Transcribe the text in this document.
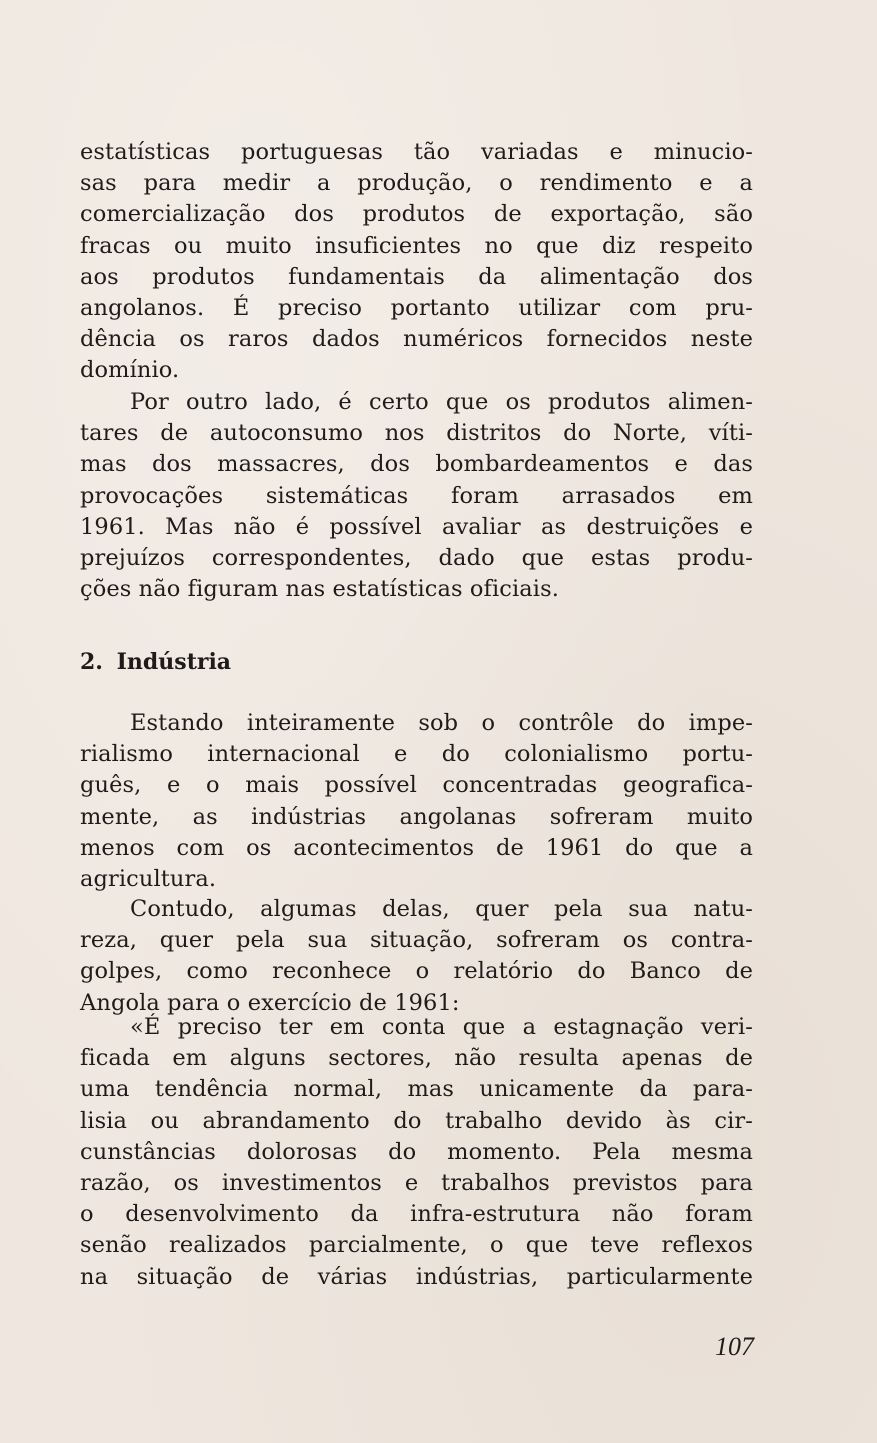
estatísticas portuguesas tão variadas e minucio-
sas para medir a produção, o rendimento e a
comercialização dos produtos de exportação, são
fracas ou muito insuficientes no que diz respeito
aos produtos fundamentais da alimentação dos
angolanos. É preciso portanto utilizar com pru-
dência os raros dados numéricos fornecidos neste
domínio.
Por outro lado, é certo que os produtos alimen-
tares de autoconsumo nos distritos do Norte, víti-
mas dos massacres, dos bombardeamentos e das
provocações sistemáticas foram arrasados em
1961. Mas não é possível avaliar as destruições e
prejuízos correspondentes, dado que estas produ-
ções não figuram nas estatísticas oficiais.
2. Indústria
Estando inteiramente sob o contrôle do impe-
rialismo internacional e do colonialismo portu-
guês, e o mais possível concentradas geografica-
mente, as indústrias angolanas sofreram muito
menos com os acontecimentos de 1961 do que a
agricultura.
Contudo, algumas delas, quer pela sua natu-
reza, quer pela sua situação, sofreram os contra-
golpes, como reconhece o relatório do Banco de
Angola para o exercício de 1961:
«É preciso ter em conta que a estagnação veri-
ficada em alguns sectores, não resulta apenas de
uma tendência normal, mas unicamente da para-
lisia ou abrandamento do trabalho devido às cir-
cunstâncias dolorosas do momento. Pela mesma
razão, os investimentos e trabalhos previstos para
o desenvolvimento da infra-estrutura não foram
senão realizados parcialmente, o que teve reflexos
na situação de várias indústrias, particularmente
107
